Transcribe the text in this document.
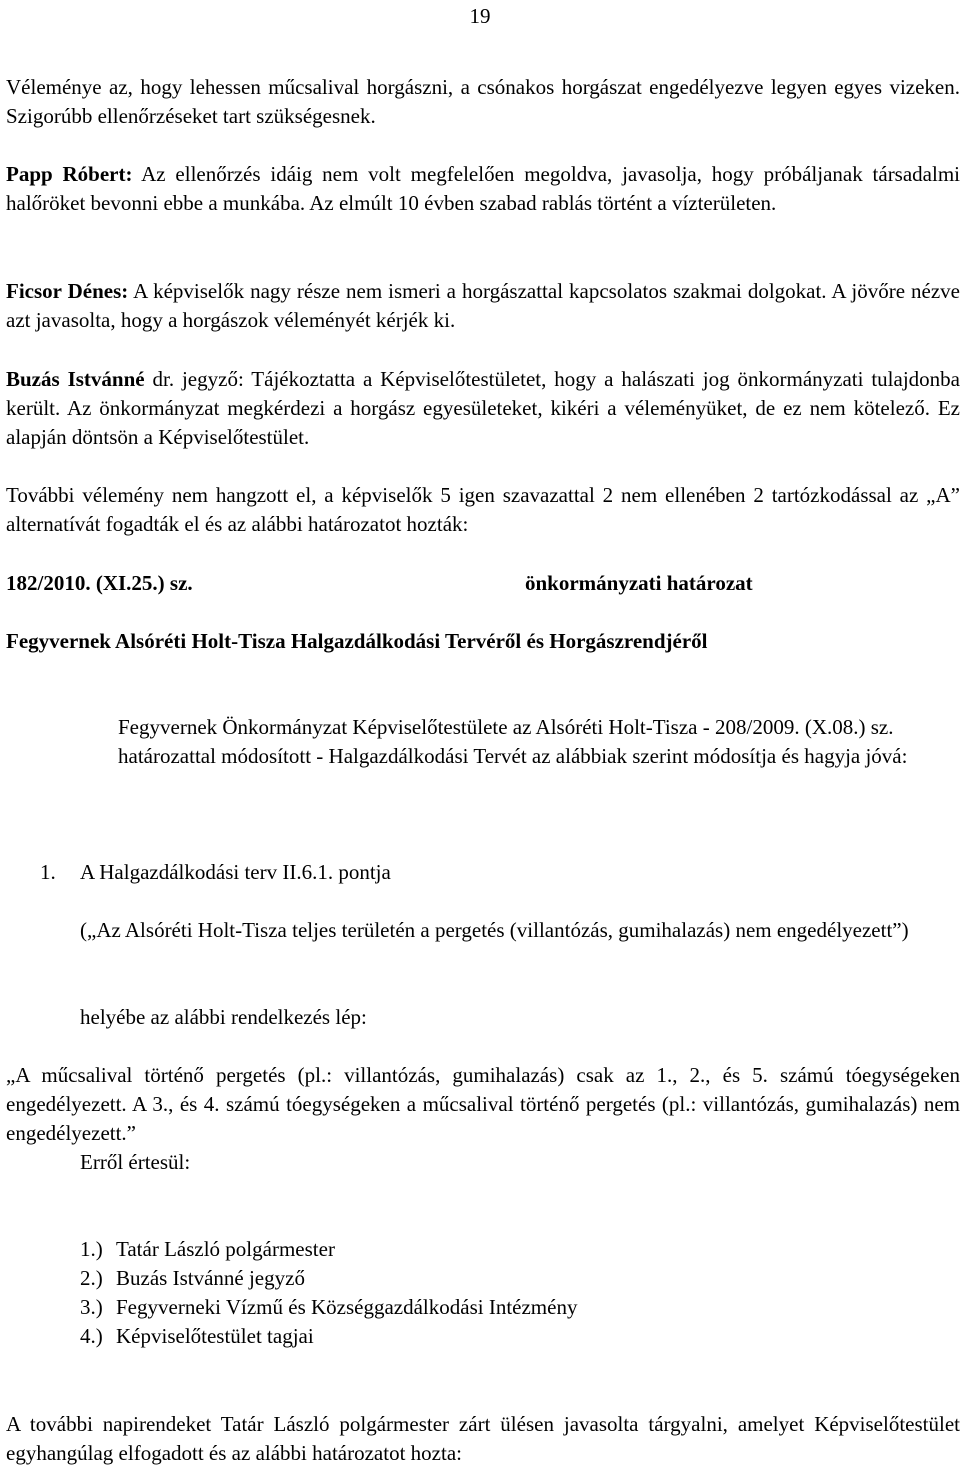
19

Véleménye az, hogy lehessen műcsalival horgászni, a csónakos horgászat engedélyezve legyen egyes vizeken. Szigorúbb ellenőrzéseket tart szükségesnek.

Papp Róbert: Az ellenőrzés idáig nem volt megfelelően megoldva, javasolja, hogy próbáljanak társadalmi halőröket bevonni ebbe a munkába. Az elmúlt 10 évben szabad rablás történt a vízterületen.

Ficsor Dénes: A képviselők nagy része nem ismeri a horgászattal kapcsolatos szakmai dolgokat. A jövőre nézve azt javasolta, hogy a horgászok véleményét kérjék ki.

Buzás Istvánné dr. jegyző: Tájékoztatta a Képviselőtestületet, hogy a halászati jog önkormányzati tulajdonba került. Az önkormányzat megkérdezi a horgász egyesületeket, kikéri a véleményüket, de ez nem kötelező. Ez alapján döntsön a Képviselőtestület.

További vélemény nem hangzott el, a képviselők 5 igen szavazattal 2 nem ellenében 2 tartózkodással az „A” alternatívát fogadták el és az alábbi határozatot hozták:

182/2010. (XI.25.) sz.	önkormányzati határozat
Fegyvernek Alsóréti Holt-Tisza Halgazdálkodási Tervéről és Horgászrendjéről

Fegyvernek Önkormányzat Képviselőtestülete az Alsóréti Holt-Tisza - 208/2009. (X.08.) sz. határozattal módosított - Halgazdálkodási Tervét az alábbiak szerint módosítja és hagyja jóvá:

1. A Halgazdálkodási terv II.6.1. pontja

(„Az Alsóréti Holt-Tisza teljes területén a pergetés (villantózás, gumihalazás) nem engedélyezett”)

helyébe az alábbi rendelkezés lép:

„A műcsalival történő pergetés (pl.: villantózás, gumihalazás) csak az 1., 2., és 5. számú tóegységeken engedélyezett. A 3., és 4. számú tóegységeken a műcsalival történő pergetés (pl.: villantózás, gumihalazás) nem engedélyezett.”

Erről értesül:

1.) Tatár László polgármester
2.) Buzás Istvánné jegyző
3.) Fegyverneki Vízmű és Községgazdálkodási Intézmény
4.) Képviselőtestület tagjai

A további napirendeket Tatár László polgármester zárt ülésen javasolta tárgyalni, amelyet Képviselőtestület egyhangúlag elfogadott és az alábbi határozatot hozta:
